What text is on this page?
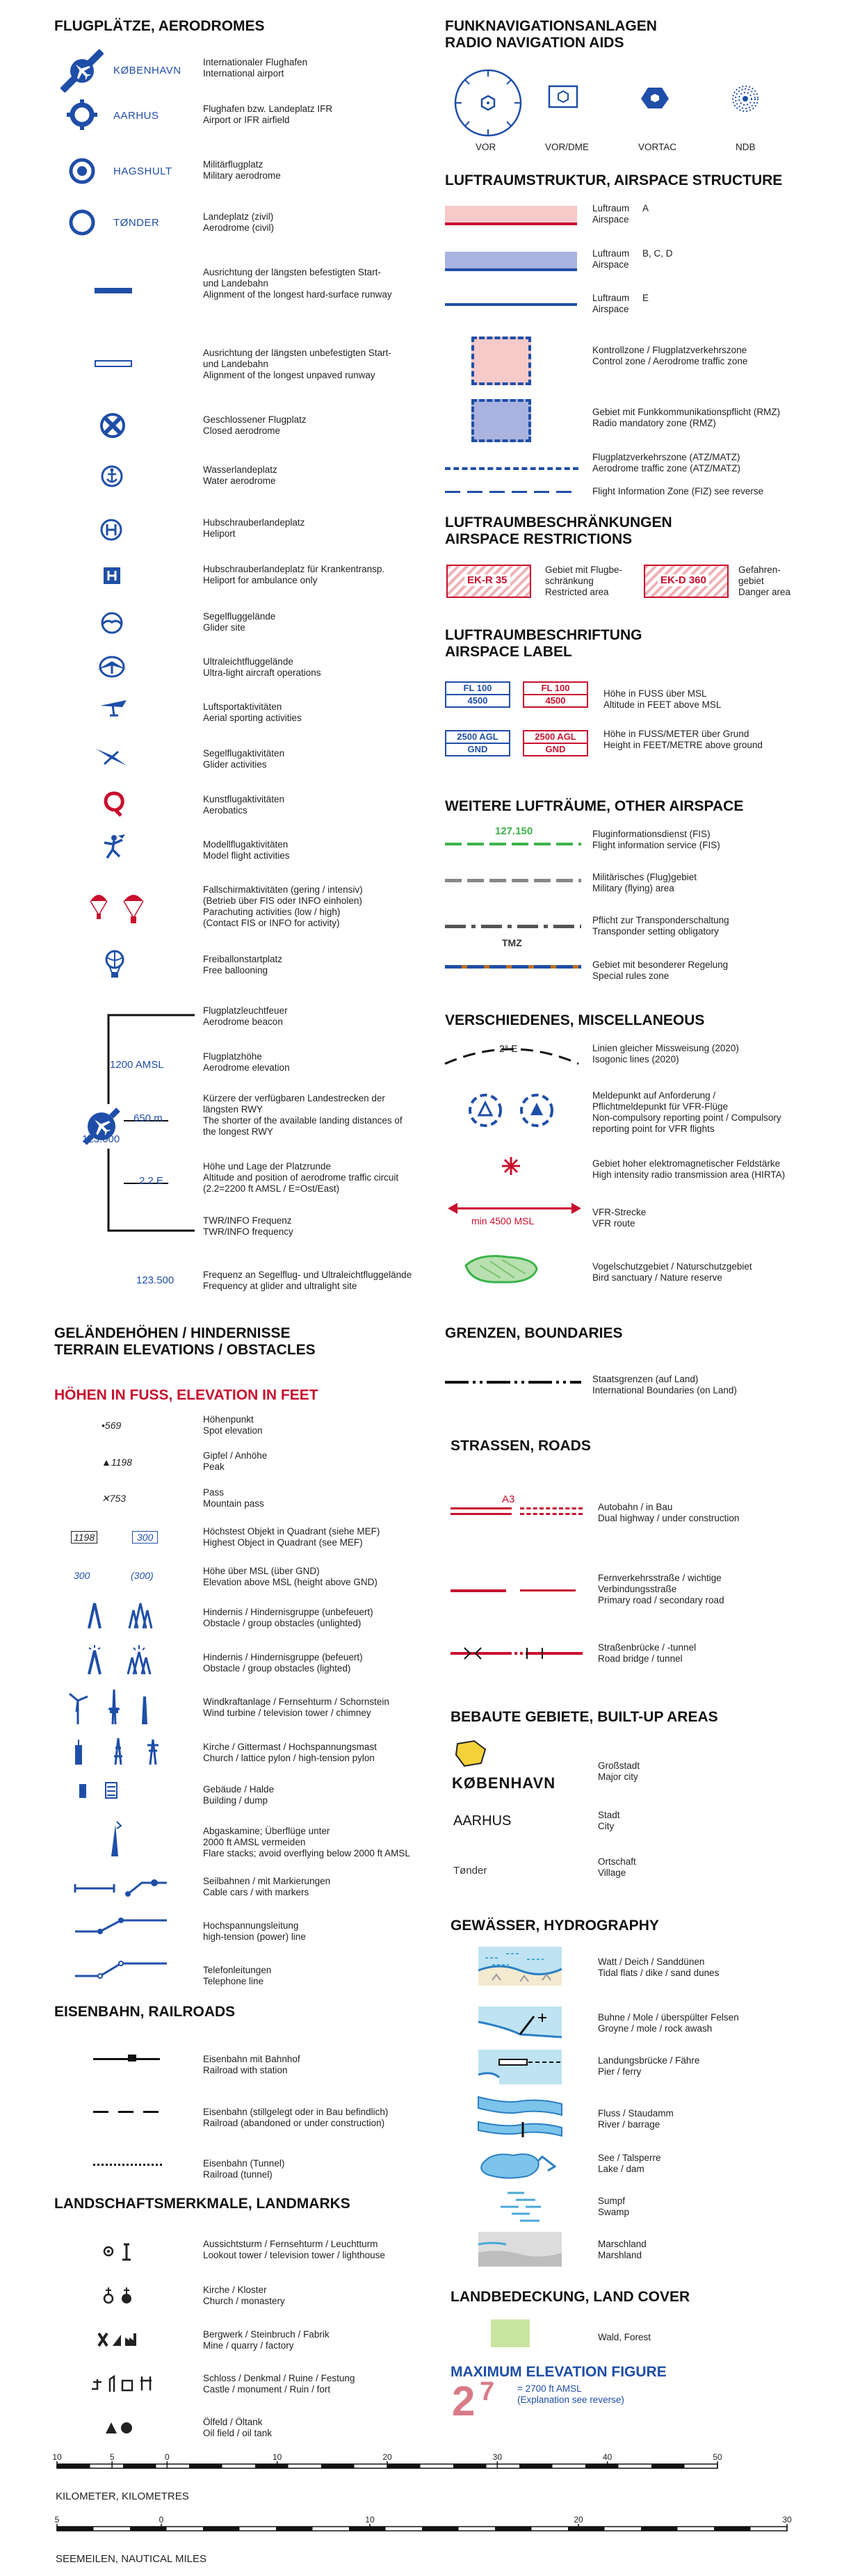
FLUGPLÄTZE, AERODROMES
KØBENHAVN
Internationaler Flughafen
International airport
AARHUS
Flughafen bzw. Landeplatz IFR
Airport or IFR airfield
HAGSHULT
Militärflugplatz
Military aerodrome
TØNDER
Landeplatz (zivil)
Aerodrome (civil)
Ausrichtung der längsten befestigten Start-
und Landebahn
Alignment of the longest hard-surface runway
Ausrichtung der längsten unbefestigten Start-
und Landebahn
Alignment of the longest unpaved runway
Geschlossener Flugplatz
Closed aerodrome
Wasserlandeplatz
Water aerodrome
Hubschrauberlandeplatz
Heliport
Hubschrauberlandeplatz für Krankentransp.
Heliport for ambulance only
Segelfluggelände
Glider site
Ultraleichtfluggelände
Ultra-light aircraft operations
Luftsportaktivitäten
Aerial sporting activities
Segelflugaktivitäten
Glider activities
Kunstflugaktivitäten
Aerobatics
Modellflugaktivitäten
Model flight activities
Fallschirmaktivitäten (gering / intensiv)
(Betrieb über FIS oder INFO einholen)
Parachuting activities (low / high)
(Contact FIS or INFO for activity)
Freiballonstartplatz
Free ballooning
Flugplatzleuchtfeuer
Aerodrome beacon
1200 AMSL
Flugplatzhöhe
Aerodrome elevation
650 m
123.000
Kürzere der verfügbaren Landestrecken der
längsten RWY
The shorter of the available landing distances of
the longest RWY
2.2 E
Höhe und Lage der Platzrunde
Altitude and position of aerodrome traffic circuit
(2.2=2200 ft AMSL / E=Ost/East)
TWR/INFO Frequenz
TWR/INFO frequency
123.500	Frequenz an Segelflug- und Ultraleichtfluggelände
Frequency at glider and ultralight site
GELÄNDEHÖHEN / HINDERNISSE
TERRAIN ELEVATIONS / OBSTACLES
HÖHEN IN FUSS, ELEVATION IN FEET
•569
Höhenpunkt
Spot elevation
▲1198
Gipfel / Anhöhe
Peak
✕753
Pass
Mountain pass
1198	300
Höchstest Objekt in Quadrant (siehe MEF)
Highest Object in Quadrant (see MEF)
300	(300)	Höhe über MSL (über GND)
Elevation above MSL (height above GND)
Hindernis / Hindernisgruppe (unbefeuert)
Obstacle / group obstacles (unlighted)
Hindernis / Hindernisgruppe (befeuert)
Obstacle / group obstacles (lighted)
Windkraftanlage / Fernsehturm / Schornstein
Wind turbine / television tower / chimney
Kirche / Gittermast / Hochspannungsmast
Church / lattice pylon / high-tension pylon
Gebäude / Halde
Building / dump
Abgaskamine; Überflüge unter
2000 ft AMSL vermeiden
Flare stacks; avoid overflying below 2000 ft AMSL
Seilbahnen / mit Markierungen
Cable cars / with markers
Hochspannungsleitung
high-tension (power) line
Telefonleitungen
Telephone line
EISENBAHN, RAILROADS
Eisenbahn mit Bahnhof
Railroad with station
Eisenbahn (stillgelegt oder in Bau befindlich)
Railroad (abandoned or under construction)
Eisenbahn (Tunnel)
Railroad (tunnel)
LANDSCHAFTSMERKMALE, LANDMARKS
Aussichtsturm / Fernsehturm / Leuchtturm
Lookout tower / television tower / lighthouse
Kirche / Kloster
Church / monastery
Bergwerk / Steinbruch / Fabrik
Mine / quarry / factory
Schloss / Denkmal / Ruine / Festung
Castle / monument / Ruin / fort
Ölfeld / Öltank
Oil field / oil tank
FUNKNAVIGATIONSANLAGEN
RADIO NAVIGATION AIDS
VOR	VOR/DME	VORTAC	NDB
LUFTRAUMSTRUKTUR, AIRSPACE STRUCTURE
Luftraum A
Airspace
Luftraum B, C, D
Airspace
Luftraum E
Airspace
Kontrollzone / Flugplatzverkehrszone
Control zone / Aerodrome traffic zone
Gebiet mit Funkkommunikationspflicht (RMZ)
Radio mandatory zone (RMZ)
Flugplatzverkehrszone (ATZ/MATZ)
Aerodrome traffic zone (ATZ/MATZ)
Flight Information Zone (FIZ) see reverse
LUFTRAUMBESCHRÄNKUNGEN
AIRSPACE RESTRICTIONS
EK-R 35
Gebiet mit Flugbe-
schränkung
Restricted area
EK-D 360
Gefahren-
gebiet
Danger area
LUFTRAUMBESCHRIFTUNG
AIRSPACE LABEL
FL 100
4500
FL 100
4500
Höhe in FUSS über MSL
Altitude in FEET above MSL
2500 AGL
GND
2500 AGL
GND
Höhe in FUSS/METER über Grund
Height in FEET/METRE above ground
WEITERE LUFTRÄUME, OTHER AIRSPACE
127.150	Fluginformationsdienst (FIS)
Flight information service (FIS)
Militärisches (Flug)gebiet
Military (flying) area
TMZ
Pflicht zur Transponderschaltung
Transponder setting obligatory
Gebiet mit besonderer Regelung
Special rules zone
VERSCHIEDENES, MISCELLANEOUS
2° E	Linien gleicher Missweisung (2020)
Isogonic lines (2020)
Meldepunkt auf Anforderung /
Pflichtmeldepunkt für VFR-Flüge
Non-compulsory reporting point / Compulsory
reporting point for VFR flights
Gebiet hoher elektromagnetischer Feldstärke
High intensity radio transmission area (HIRTA)
min 4500 MSL
VFR-Strecke
VFR route
Vogelschutzgebiet / Naturschutzgebiet
Bird sanctuary / Nature reserve
GRENZEN, BOUNDARIES
Staatsgrenzen (auf Land)
International Boundaries (on Land)
STRASSEN, ROADS
A3
Autobahn / in Bau
Dual highway / under construction
Fernverkehrsstraße / wichtige
Verbindungsstraße
Primary road / secondary road
Straßenbrücke / -tunnel
Road bridge / tunnel
BEBAUTE GEBIETE, BUILT-UP AREAS
KØBENHAVN
Großstadt
Major city
AARHUS	Stadt
City
Tønder
Ortschaft
Village
GEWÄSSER, HYDROGRAPHY
Watt / Deich / Sanddünen
Tidal flats / dike / sand dunes
Buhne / Mole / überspülter Felsen
Groyne / mole / rock awash
Landungsbrücke / Fähre
Pier / ferry
Fluss / Staudamm
River / barrage
See / Talsperre
Lake / dam
Sumpf
Swamp
Marschland
Marshland
LANDBEDECKUNG, LAND COVER
Wald, Forest
MAXIMUM ELEVATION FIGURE
2 7 = 2700 ft AMSL
(Explanation see reverse)
10	5	0	10	20	30	40	50
KILOMETER, KILOMETRES
5	0	10	20	30
SEEMEILEN, NAUTICAL MILES
